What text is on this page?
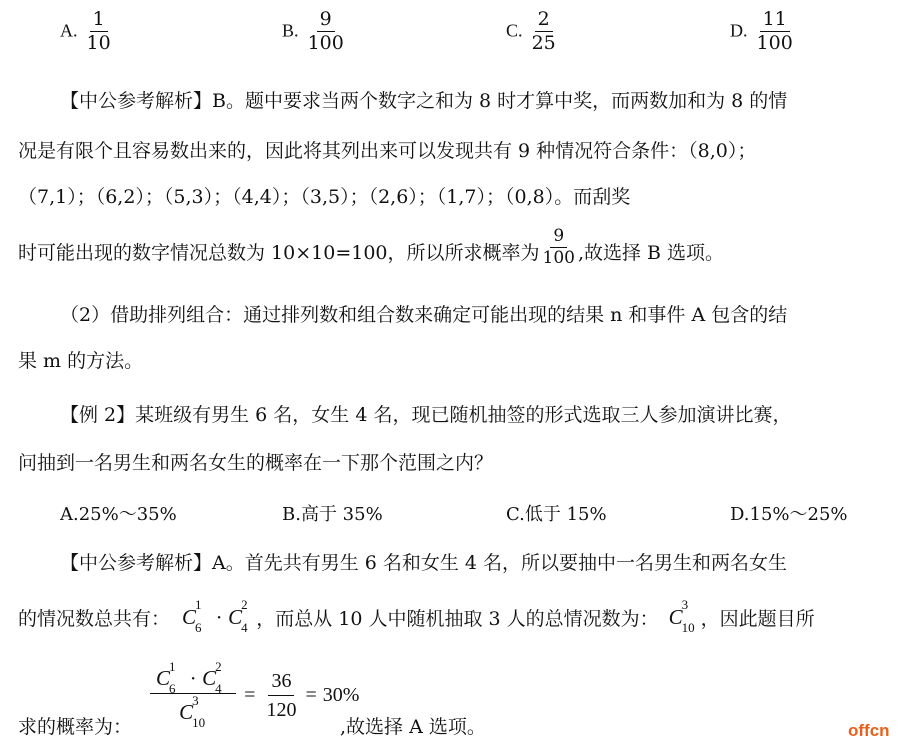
A. $\frac{1}{10}$	B. $\frac{9}{100}$	C. $\frac{2}{25}$	D. $\frac{11}{100}$
【中公参考解析】B。题中要求当两个数字之和为 8 时才算中奖，而两数加和为 8 的情
况是有限个且容易数出来的，因此将其列出来可以发现共有 9 种情况符合条件：（8,0）；
（7,1）；（6,2）；（5,3）；（4,4）；（3,5）；（2,6）；（1,7）；（0,8）。而刮奖
时可能出现的数字情况总数为 10×10=100，所以所求概率为 $\frac{9}{100}$ ,故选择 B 选项。
（2）借助排列组合：通过排列数和组合数来确定可能出现的结果 n 和事件 A 包含的结
果 m 的方法。
【例 2】某班级有男生 6 名，女生 4 名，现已随机抽签的形式选取三人参加演讲比赛，
问抽到一名男生和两名女生的概率在一下那个范围之内？
A.25%～35%	B.高于 35%	C.低于 15%	D.15%～25%
【中公参考解析】A。首先共有男生 6 名和女生 4 名，所以要抽中一名男生和两名女生
的情况数总共有： C
1
6 · C
2
4 ，而总从 10 人中随机抽取 3 人的总情况数为： C
3
10 ，因此题目所
求的概率为：
C
1
6 · C
2
4
C
3
$10 = \frac{36}{120} = 30\%$
,故选择 A 选项。	offcn
